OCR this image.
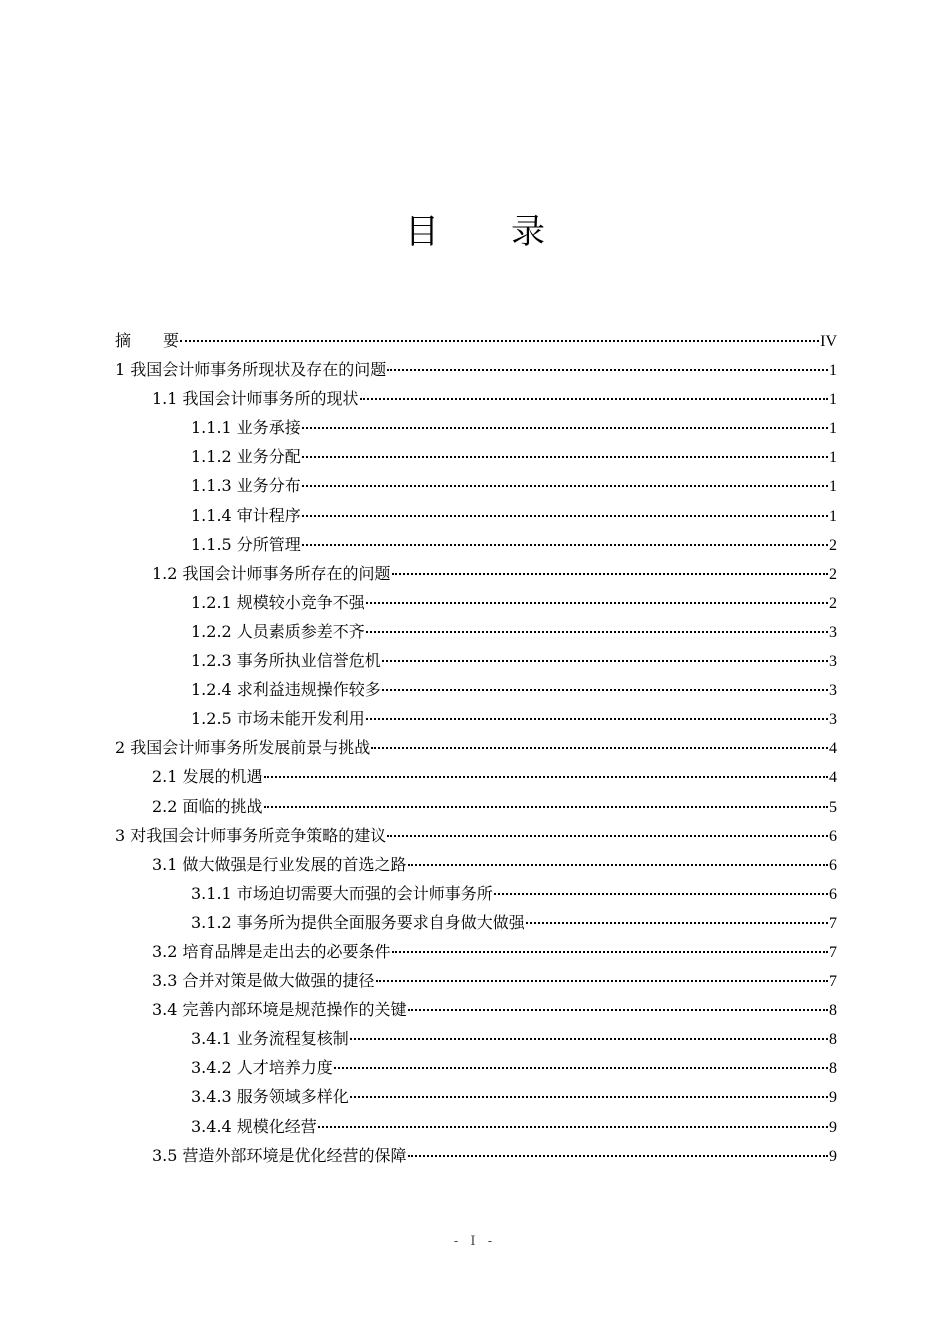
目 录
摘　　要	IV
1 我国会计师事务所现状及存在的问题	1
1.1 我国会计师事务所的现状	1
1.1.1 业务承接	1
1.1.2 业务分配	1
1.1.3 业务分布	1
1.1.4 审计程序	1
1.1.5 分所管理	2
1.2 我国会计师事务所存在的问题	2
1.2.1 规模较小竞争不强	2
1.2.2 人员素质参差不齐	3
1.2.3 事务所执业信誉危机	3
1.2.4 求利益违规操作较多	3
1.2.5 市场未能开发利用	3
2 我国会计师事务所发展前景与挑战	4
2.1 发展的机遇	4
2.2 面临的挑战	5
3 对我国会计师事务所竞争策略的建议	6
3.1 做大做强是行业发展的首选之路	6
3.1.1 市场迫切需要大而强的会计师事务所	6
3.1.2 事务所为提供全面服务要求自身做大做强	7
3.2 培育品牌是走出去的必要条件	7
3.3 合并对策是做大做强的捷径	7
3.4 完善内部环境是规范操作的关键	8
3.4.1 业务流程复核制	8
3.4.2 人才培养力度	8
3.4.3 服务领域多样化	9
3.4.4 规模化经营	9
3.5 营造外部环境是优化经营的保障	9
- I -
